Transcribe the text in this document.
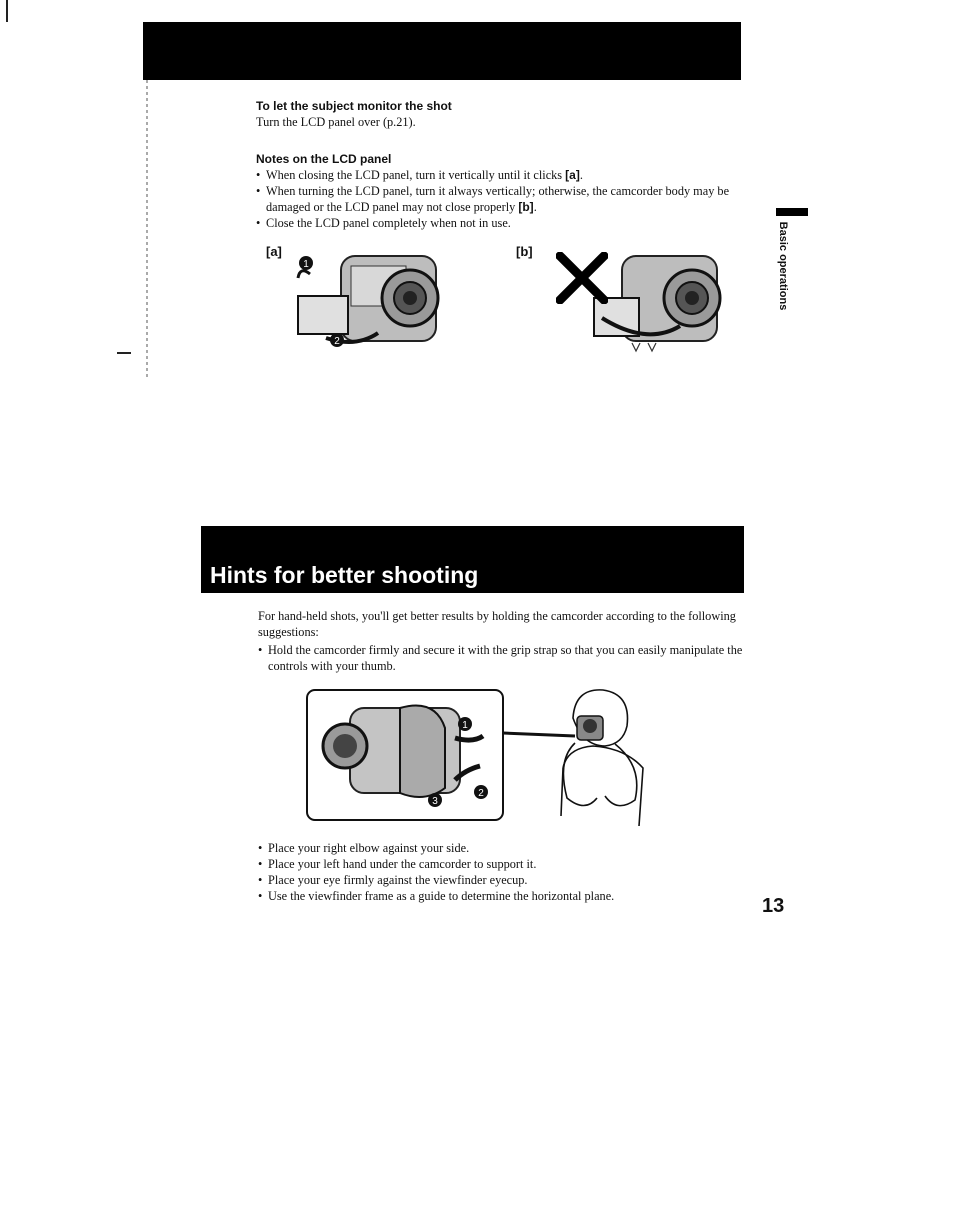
To let the subject monitor the shot
Turn the LCD panel over (p.21).
Notes on the LCD panel
• When closing the LCD panel, turn it vertically until it clicks [a].
• When turning the LCD panel, turn it always vertically; otherwise, the camcorder body may be damaged or the LCD panel may not close properly [b].
• Close the LCD panel completely when not in use.
[a]	[b]
1
2
Basic operations
Hints for better shooting
For hand-held shots, you'll get better results by holding the camcorder according to the following suggestions:
• Hold the camcorder firmly and secure it with the grip strap so that you can easily manipulate the controls with your thumb.
1
2
3
• Place your right elbow against your side.
• Place your left hand under the camcorder to support it.
• Place your eye firmly against the viewfinder eyecup.
• Use the viewfinder frame as a guide to determine the horizontal plane.	13
